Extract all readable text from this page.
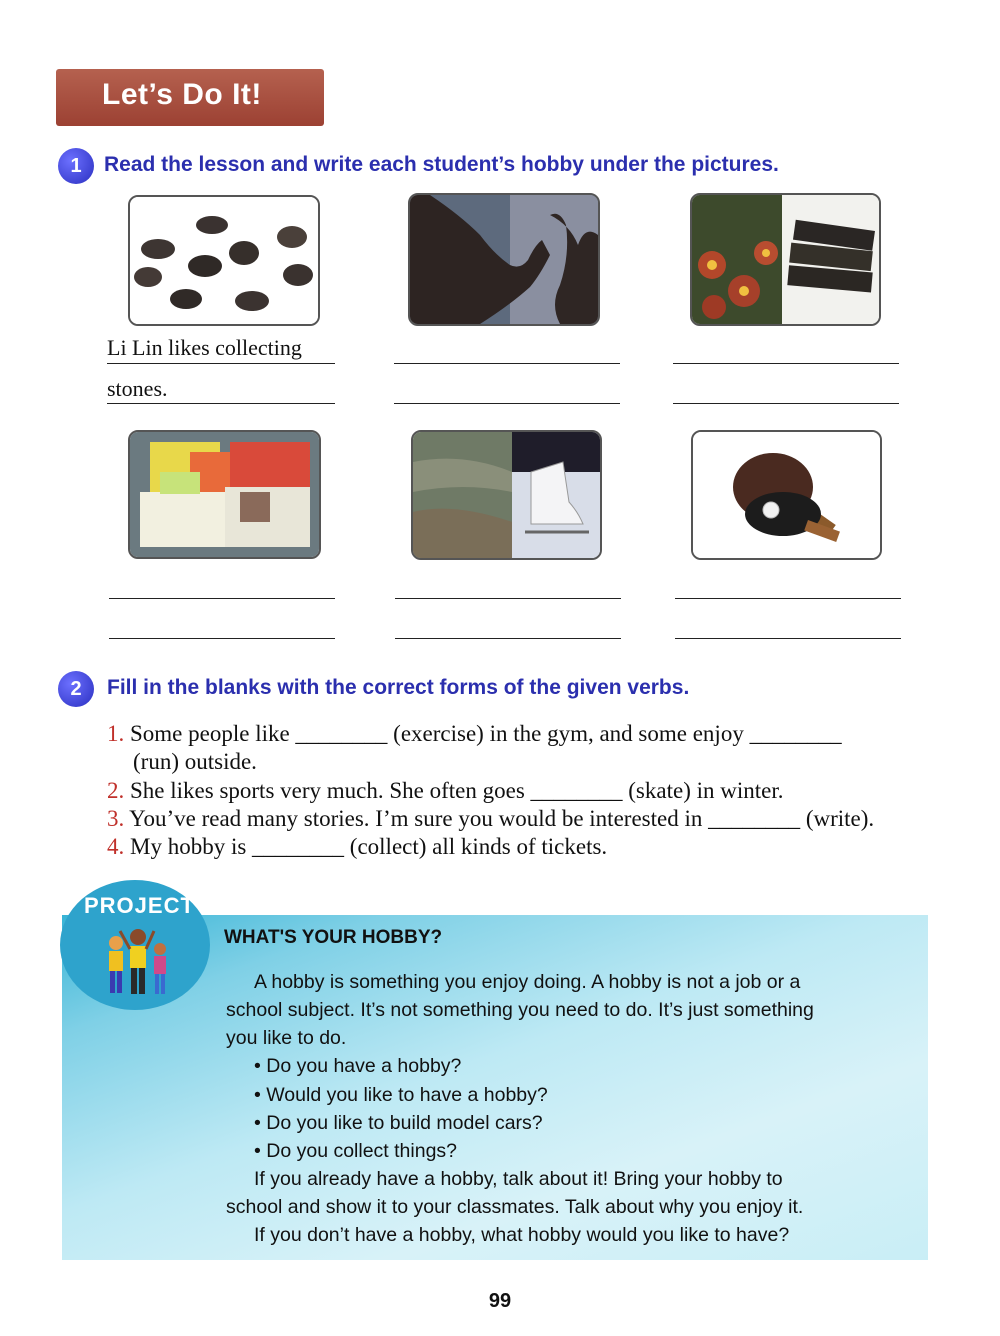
Let’s Do It!
1	Read the lesson and write each student’s hobby under the pictures.
Li Lin likes collecting
stones.
2	Fill in the blanks with the correct forms of the given verbs.
1. Some people like ________ (exercise) in the gym, and some enjoy ________
(run) outside.
2. She likes sports very much. She often goes ________ (skate) in winter.
3. You’ve read many stories. I’m sure you would be interested in ________ (write).
4. My hobby is ________ (collect) all kinds of tickets.
PROJECT
WHAT'S YOUR HOBBY?
A hobby is something you enjoy doing. A hobby is not a job or a
school subject. It’s not something you need to do. It’s just something
you like to do.
• Do you have a hobby?
• Would you like to have a hobby?
• Do you like to build model cars?
• Do you collect things?
If you already have a hobby, talk about it! Bring your hobby to
school and show it to your classmates. Talk about why you enjoy it.
If you don’t have a hobby, what hobby would you like to have?
99
